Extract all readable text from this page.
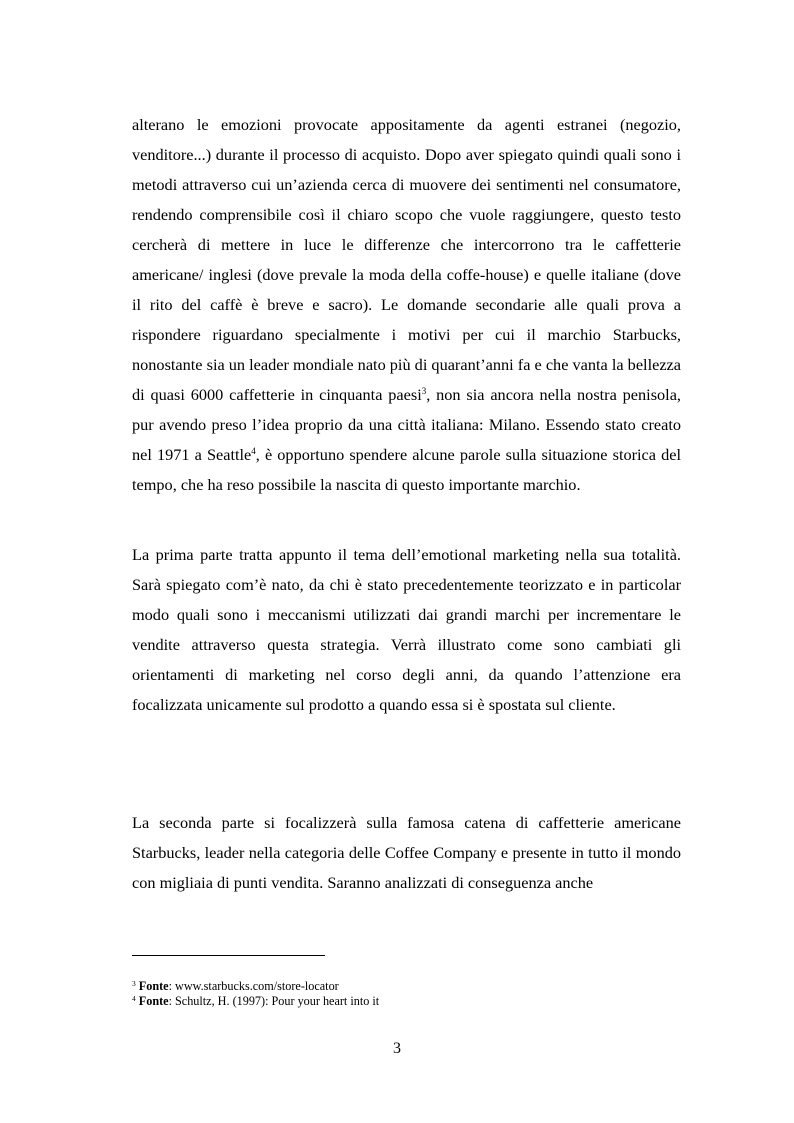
alterano le emozioni provocate appositamente da agenti estranei (negozio, venditore...) durante il processo di acquisto. Dopo aver spiegato quindi quali sono i metodi attraverso cui un’azienda cerca di muovere dei sentimenti nel consumatore, rendendo comprensibile così il chiaro scopo che vuole raggiungere, questo testo cercherà di mettere in luce le differenze che intercorrono tra le caffetterie americane/ inglesi (dove prevale la moda della coffe-house) e quelle italiane (dove il rito del caffè è breve e sacro). Le domande secondarie alle quali prova a rispondere riguardano specialmente i motivi per cui il marchio Starbucks, nonostante sia un leader mondiale nato più di quarant’anni fa e che vanta la bellezza di quasi 6000 caffetterie in cinquanta paesi$^3$, non sia ancora nella nostra penisola, pur avendo preso l’idea proprio da una città italiana: Milano. Essendo stato creato nel 1971 a Seattle$^4$, è opportuno spendere alcune parole sulla situazione storica del tempo, che ha reso possibile la nascita di questo importante marchio.

La prima parte tratta appunto il tema dell’emotional marketing nella sua totalità. Sarà spiegato com’è nato, da chi è stato precedentemente teorizzato e in particolar modo quali sono i meccanismi utilizzati dai grandi marchi per incrementare le vendite attraverso questa strategia. Verrà illustrato come sono cambiati gli orientamenti di marketing nel corso degli anni, da quando l’attenzione era focalizzata unicamente sul prodotto a quando essa si è spostata sul cliente.

La seconda parte si focalizzerà sulla famosa catena di caffetterie americane Starbucks, leader nella categoria delle Coffee Company e presente in tutto il mondo con migliaia di punti vendita. Saranno analizzati di conseguenza anche

$^3$ Fonte: www.starbucks.com/store-locator
$^4$ Fonte: Schultz, H. (1997): Pour your heart into it
3
